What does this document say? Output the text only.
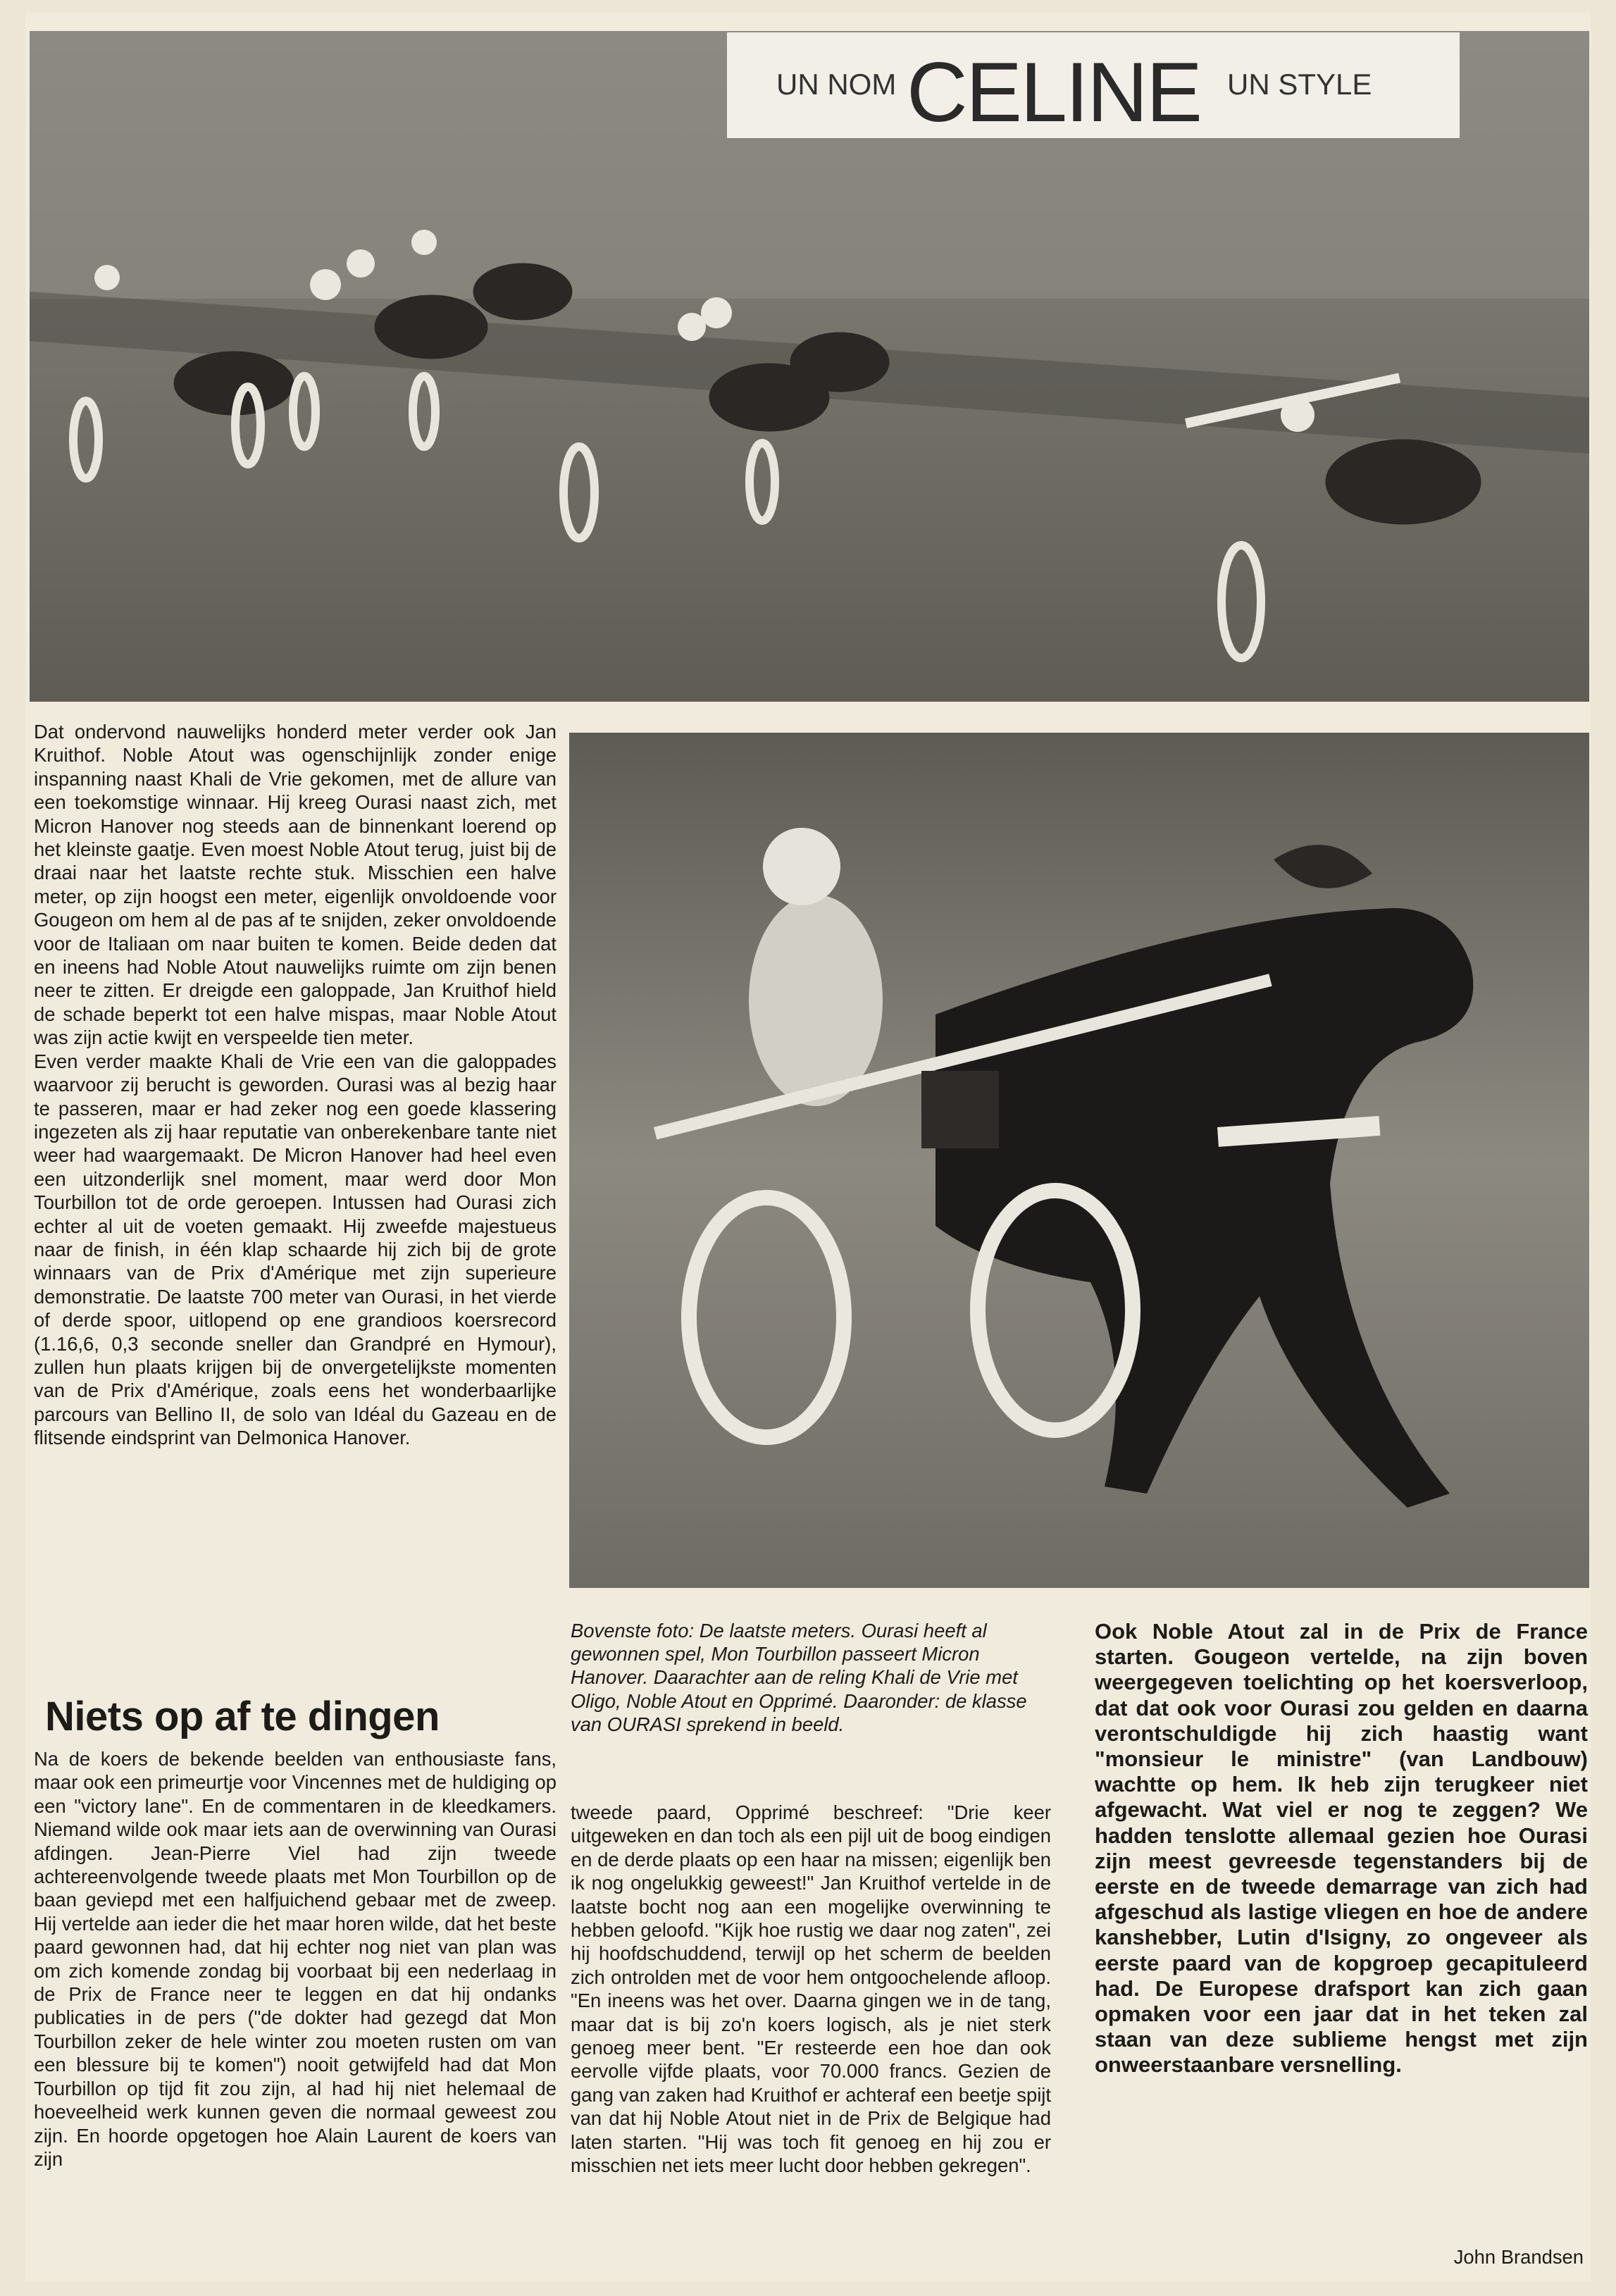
UN NOM CELINE UN STYLE

Dat ondervond nauwelijks honderd meter verder ook Jan Kruithof. Noble Atout was ogenschijnlijk zonder enige inspanning naast Khali de Vrie gekomen, met de allure van een toekomstige winnaar. Hij kreeg Ourasi naast zich, met Micron Hanover nog steeds aan de binnenkant loerend op het kleinste gaatje. Even moest Noble Atout terug, juist bij de draai naar het laatste rechte stuk. Misschien een halve meter, op zijn hoogst een meter, eigenlijk onvoldoende voor Gougeon om hem al de pas af te snijden, zeker onvoldoende voor de Italiaan om naar buiten te komen. Beide deden dat en ineens had Noble Atout nauwelijks ruimte om zijn benen neer te zitten. Er dreigde een galoppade, Jan Kruithof hield de schade beperkt tot een halve mispas, maar Noble Atout was zijn actie kwijt en verspeelde tien meter.

Even verder maakte Khali de Vrie een van die galoppades waarvoor zij berucht is geworden. Ourasi was al bezig haar te passeren, maar er had zeker nog een goede klassering ingezeten als zij haar reputatie van onberekenbare tante niet weer had waargemaakt. De Micron Hanover had heel even een uitzonderlijk snel moment, maar werd door Mon Tourbillon tot de orde geroepen. Intussen had Ourasi zich echter al uit de voeten gemaakt. Hij zweefde majestueus naar de finish, in één klap schaarde hij zich bij de grote winnaars van de Prix d'Amérique met zijn superieure demonstratie. De laatste 700 meter van Ourasi, in het vierde of derde spoor, uitlopend op ene grandioos koersrecord (1.16,6, 0,3 seconde sneller dan Grandpré en Hymour), zullen hun plaats krijgen bij de onvergetelijkste momenten van de Prix d'Amérique, zoals eens het wonderbaarlijke parcours van Bellino II, de solo van Idéal du Gazeau en de flitsende eindsprint van Delmonica Hanover.

Niets op af te dingen

Na de koers de bekende beelden van enthousiaste fans, maar ook een primeurtje voor Vincennes met de huldiging op een "victory lane". En de commentaren in de kleedkamers. Niemand wilde ook maar iets aan de overwinning van Ourasi afdingen. Jean-Pierre Viel had zijn tweede achtereenvolgende tweede plaats met Mon Tourbillon op de baan geviерd met een halfjuichend gebaar met de zweep. Hij vertelde aan ieder die het maar horen wilde, dat het beste paard gewonnen had, dat hij echter nog niet van plan was om zich komende zondag bij voorbaat bij een nederlaag in de Prix de France neer te leggen en dat hij ondanks publicaties in de pers ("de dokter had gezegd dat Mon Tourbillon zeker de hele winter zou moeten rusten om van een blessure bij te komen") nooit getwijfeld had dat Mon Tourbillon op tijd fit zou zijn, al had hij niet helemaal de hoeveelheid werk kunnen geven die normaal geweest zou zijn. En hoorde opgetogen hoe Alain Laurent de koers van zijn

Bovenste foto: De laatste meters. Ourasi heeft al gewonnen spel, Mon Tourbillon passeert Micron Hanover. Daarachter aan de reling Khali de Vrie met Oligo, Noble Atout en Opprimé. Daaronder: de klasse van OURASI sprekend in beeld.

tweede paard, Opprimé beschreef: "Drie keer uitgeweken en dan toch als een pijl uit de boog eindigen en de derde plaats op een haar na missen; eigenlijk ben ik nog ongelukkig geweest!" Jan Kruithof vertelde in de laatste bocht nog aan een mogelijke overwinning te hebben geloofd. "Kijk hoe rustig we daar nog zaten", zei hij hoofdschuddend, terwijl op het scherm de beelden zich ontrolden met de voor hem ontgoochelende afloop. "En ineens was het over. Daarna gingen we in de tang, maar dat is bij zo'n koers logisch, als je niet sterk genoeg meer bent. "Er resteerde een hoe dan ook eervolle vijfde plaats, voor 70.000 francs. Gezien de gang van zaken had Kruithof er achteraf een beetje spijt van dat hij Noble Atout niet in de Prix de Belgique had laten starten. "Hij was toch fit genoeg en hij zou er misschien net iets meer lucht door hebben gekregen".

Ook Noble Atout zal in de Prix de France starten. Gougeon vertelde, na zijn boven weergegeven toelichting op het koersverloop, dat dat ook voor Ourasi zou gelden en daarna verontschuldigde hij zich haastig want "monsieur le ministre" (van Landbouw) wachtte op hem. Ik heb zijn terugkeer niet afgewacht. Wat viel er nog te zeggen? We hadden tenslotte allemaal gezien hoe Ourasi zijn meest gevreesde tegenstanders bij de eerste en de tweede demarrage van zich had afgeschud als lastige vliegen en hoe de andere kanshebber, Lutin d'Isigny, zo ongeveer als eerste paard van de kopgroep gecapituleerd had. De Europese drafsport kan zich gaan opmaken voor een jaar dat in het teken zal staan van deze sublieme hengst met zijn onweerstaanbare versnelling.
John Brandsen
